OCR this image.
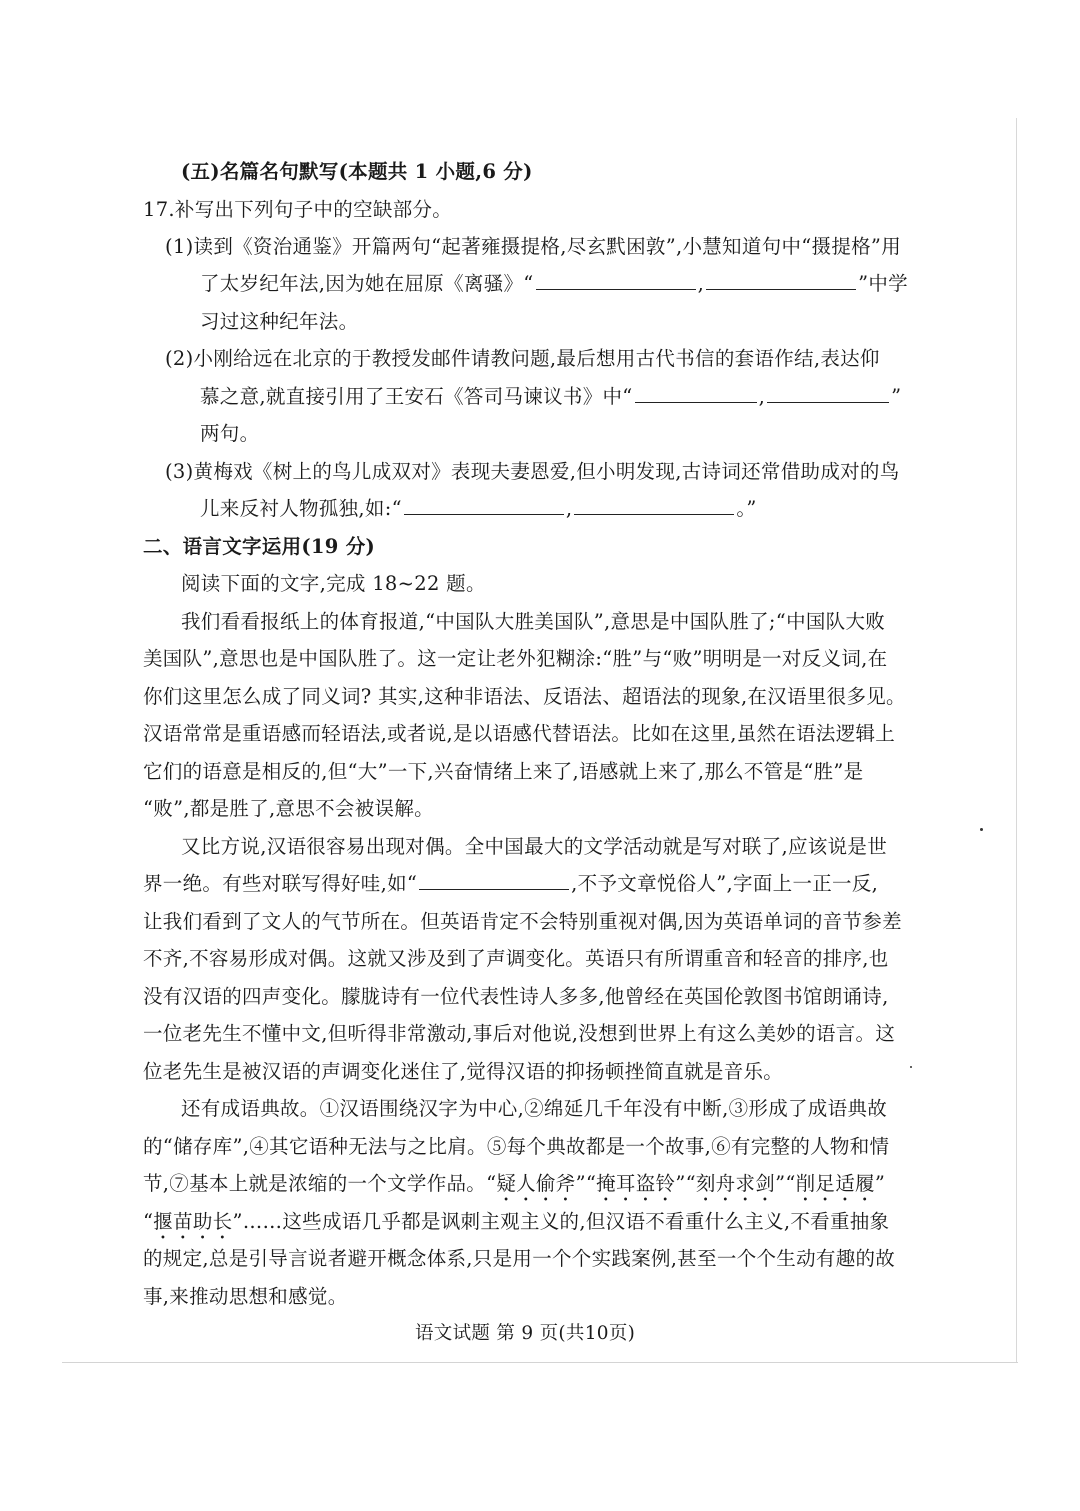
(五)名篇名句默写(本题共 1 小题,6 分)
17.补写出下列句子中的空缺部分。
(1)读到《资治通鉴》开篇两句“起著雍摄提格,尽玄黓困敦”,小慧知道句中“摄提格”用
了太岁纪年法,因为她在屈原《离骚》“	,	”中学
习过这种纪年法。
(2)小刚给远在北京的于教授发邮件请教问题,最后想用古代书信的套语作结,表达仰
慕之意,就直接引用了王安石《答司马谏议书》中“	,	”
两句。
(3)黄梅戏《树上的鸟儿成双对》表现夫妻恩爱,但小明发现,古诗词还常借助成对的鸟
儿来反衬人物孤独,如:“	,	。”
二、语言文字运用(19 分)
阅读下面的文字,完成 18~22 题。
我们看看报纸上的体育报道,“中国队大胜美国队”,意思是中国队胜了;“中国队大败
美国队”,意思也是中国队胜了。这一定让老外犯糊涂:“胜”与“败”明明是一对反义词,在
你们这里怎么成了同义词? 其实,这种非语法、反语法、超语法的现象,在汉语里很多见。
汉语常常是重语感而轻语法,或者说,是以语感代替语法。比如在这里,虽然在语法逻辑上
它们的语意是相反的,但“大”一下,兴奋情绪上来了,语感就上来了,那么不管是“胜”是
“败”,都是胜了,意思不会被误解。
又比方说,汉语很容易出现对偶。全中国最大的文学活动就是写对联了,应该说是世
界一绝。有些对联写得好哇,如“	,不予文章悦俗人”,字面上一正一反,
让我们看到了文人的气节所在。但英语肯定不会特别重视对偶,因为英语单词的音节参差
不齐,不容易形成对偶。这就又涉及到了声调变化。英语只有所谓重音和轻音的排序,也
没有汉语的四声变化。朦胧诗有一位代表性诗人多多,他曾经在英国伦敦图书馆朗诵诗,
一位老先生不懂中文,但听得非常激动,事后对他说,没想到世界上有这么美妙的语言。这
位老先生是被汉语的声调变化迷住了,觉得汉语的抑扬顿挫简直就是音乐。
还有成语典故。①汉语围绕汉字为中心,②绵延几千年没有中断,③形成了成语典故
的“储存库”,④其它语种无法与之比肩。⑤每个典故都是一个故事,⑥有完整的人物和情
节,⑦基本上就是浓缩的一个文学作品。“疑人偷斧”“掩耳盗铃”“刻舟求剑”“削足适履”
“揠苗助长”……这些成语几乎都是讽刺主观主义的,但汉语不看重什么主义,不看重抽象
的规定,总是引导言说者避开概念体系,只是用一个个实践案例,甚至一个个生动有趣的故
事,来推动思想和感觉。
语文试题 第 9 页(共10页)
